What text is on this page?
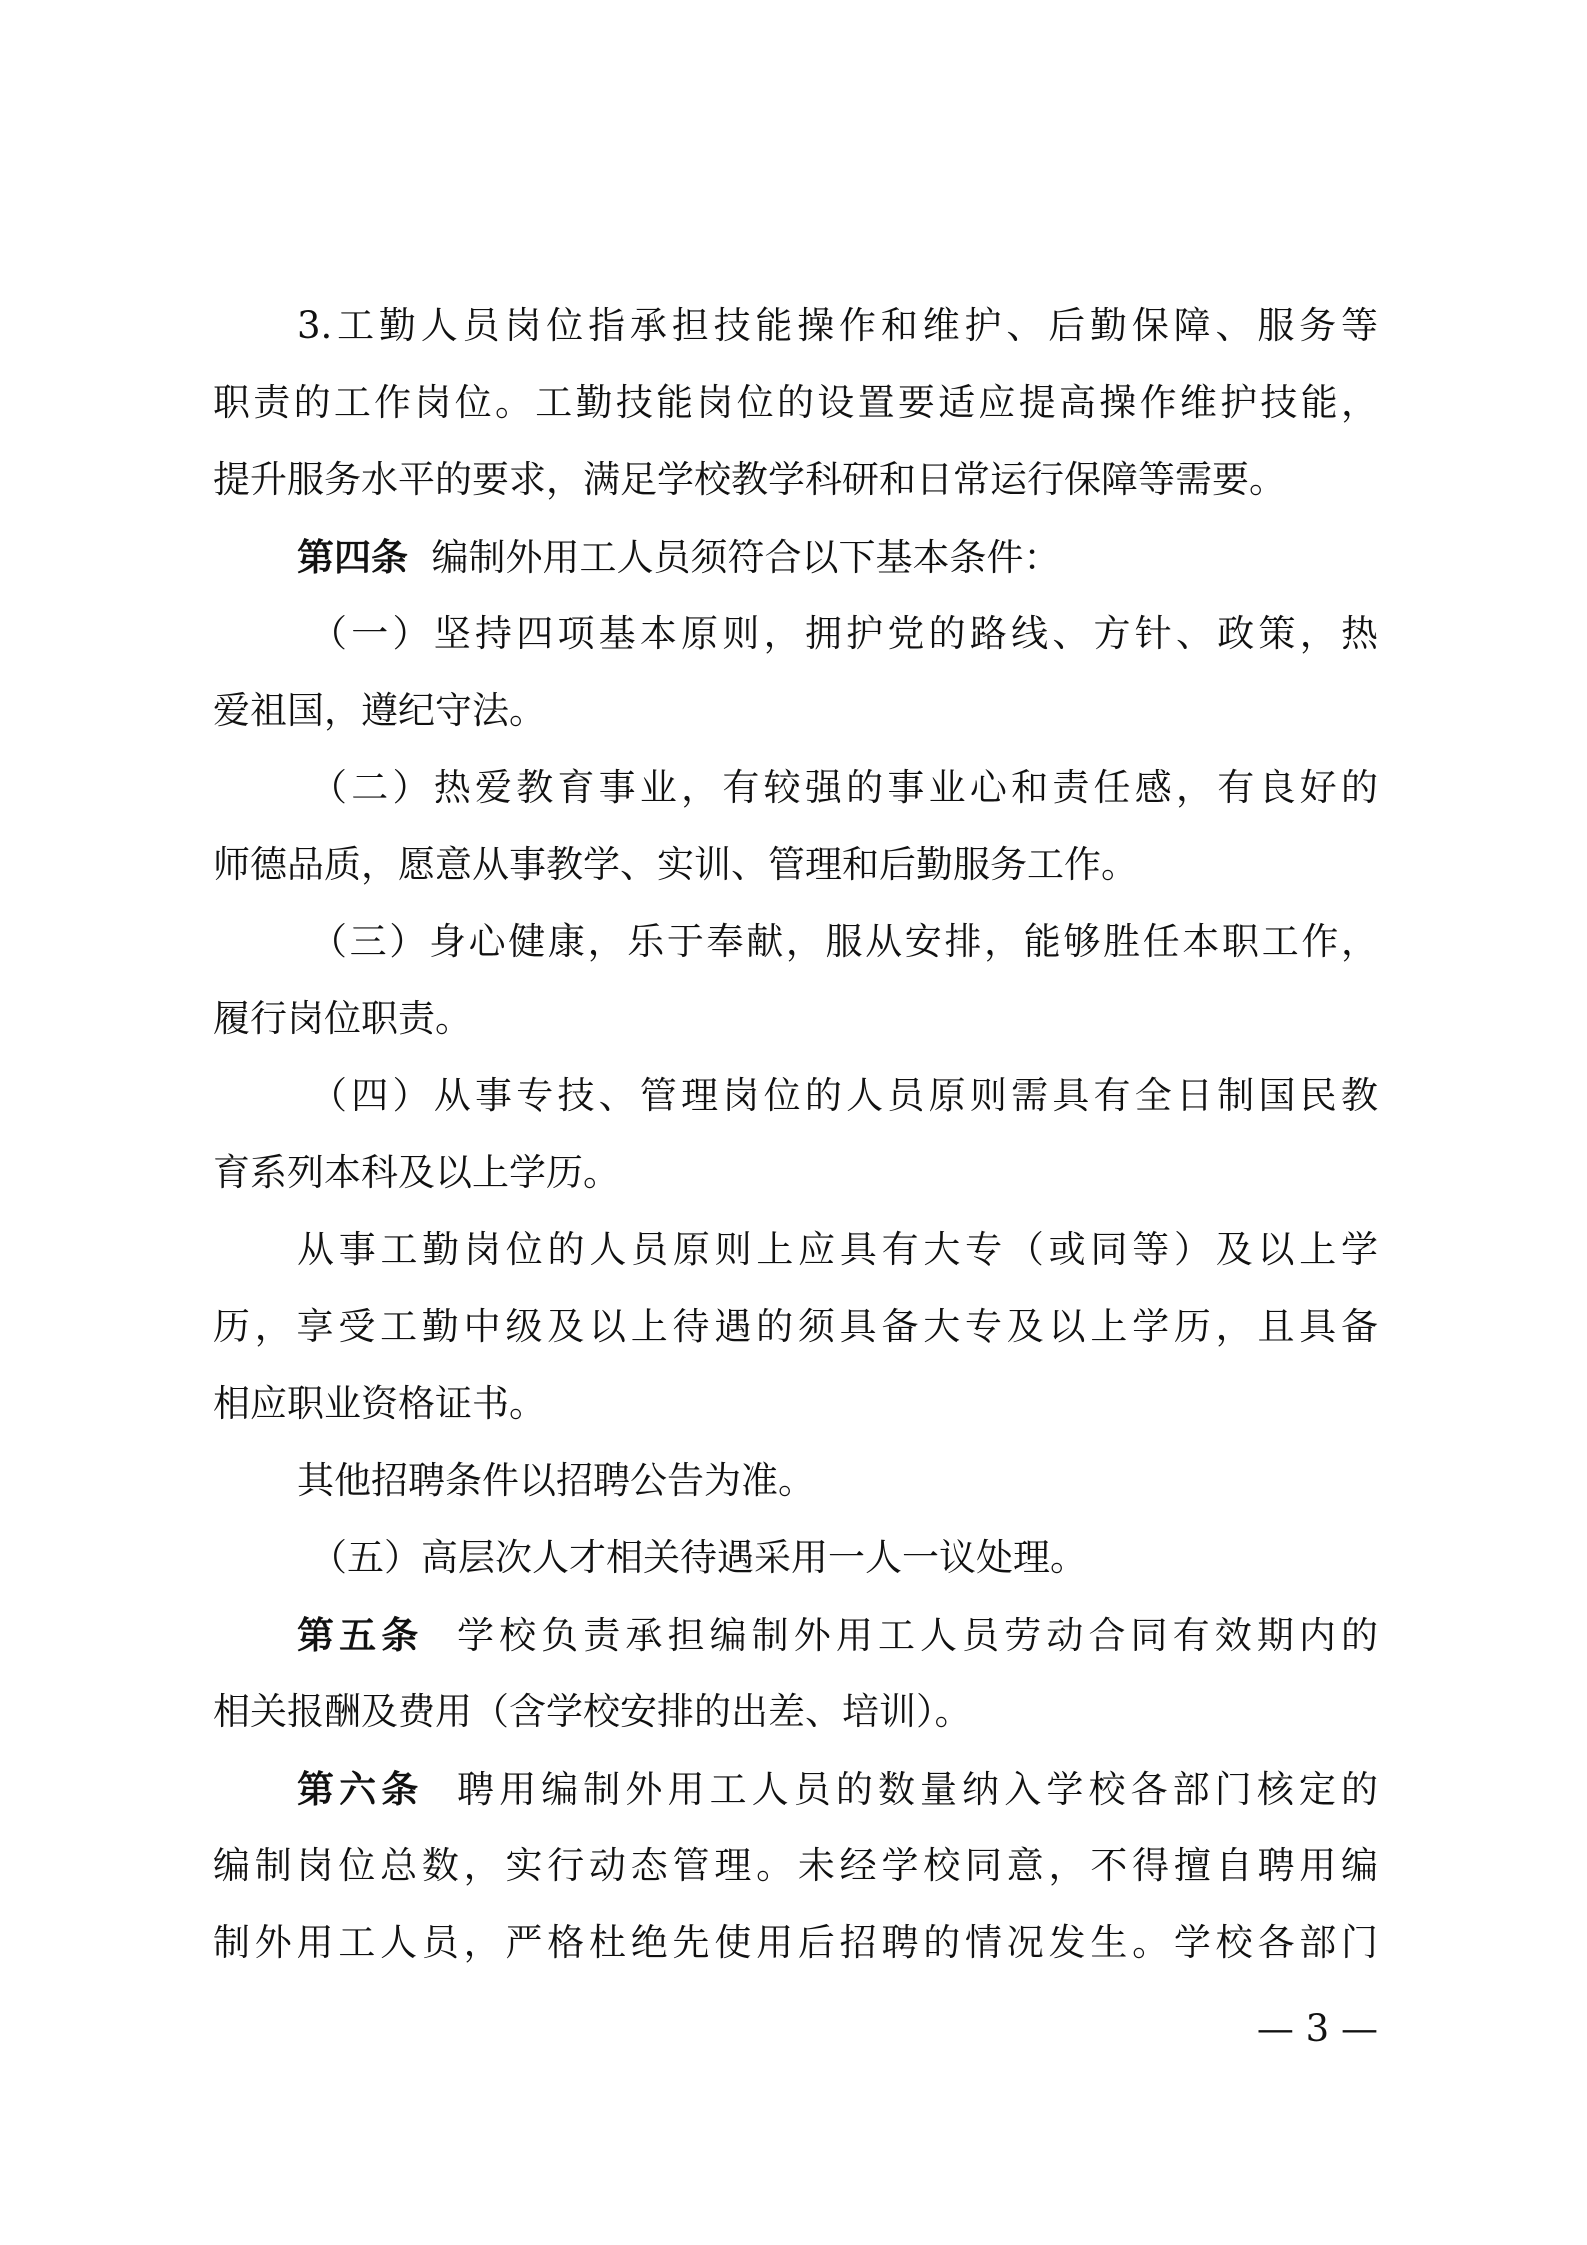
3.工勤人员岗位指承担技能操作和维护、后勤保障、服务等
职责的工作岗位。工勤技能岗位的设置要适应提高操作维护技能，
提升服务水平的要求，满足学校教学科研和日常运行保障等需要。
第四条 编制外用工人员须符合以下基本条件：
（一）坚持四项基本原则，拥护党的路线、方针、政策，热
爱祖国，遵纪守法。
（二）热爱教育事业，有较强的事业心和责任感，有良好的
师德品质，愿意从事教学、实训、管理和后勤服务工作。
（三）身心健康，乐于奉献，服从安排，能够胜任本职工作，
履行岗位职责。
（四）从事专技、管理岗位的人员原则需具有全日制国民教
育系列本科及以上学历。
从事工勤岗位的人员原则上应具有大专（或同等）及以上学
历，享受工勤中级及以上待遇的须具备大专及以上学历，且具备
相应职业资格证书。
其他招聘条件以招聘公告为准。
（五）高层次人才相关待遇采用一人一议处理。
第五条 学校负责承担编制外用工人员劳动合同有效期内的
相关报酬及费用（含学校安排的出差、培训）。
第六条 聘用编制外用工人员的数量纳入学校各部门核定的
编制岗位总数，实行动态管理。未经学校同意，不得擅自聘用编
制外用工人员，严格杜绝先使用后招聘的情况发生。学校各部门
— 3 —
